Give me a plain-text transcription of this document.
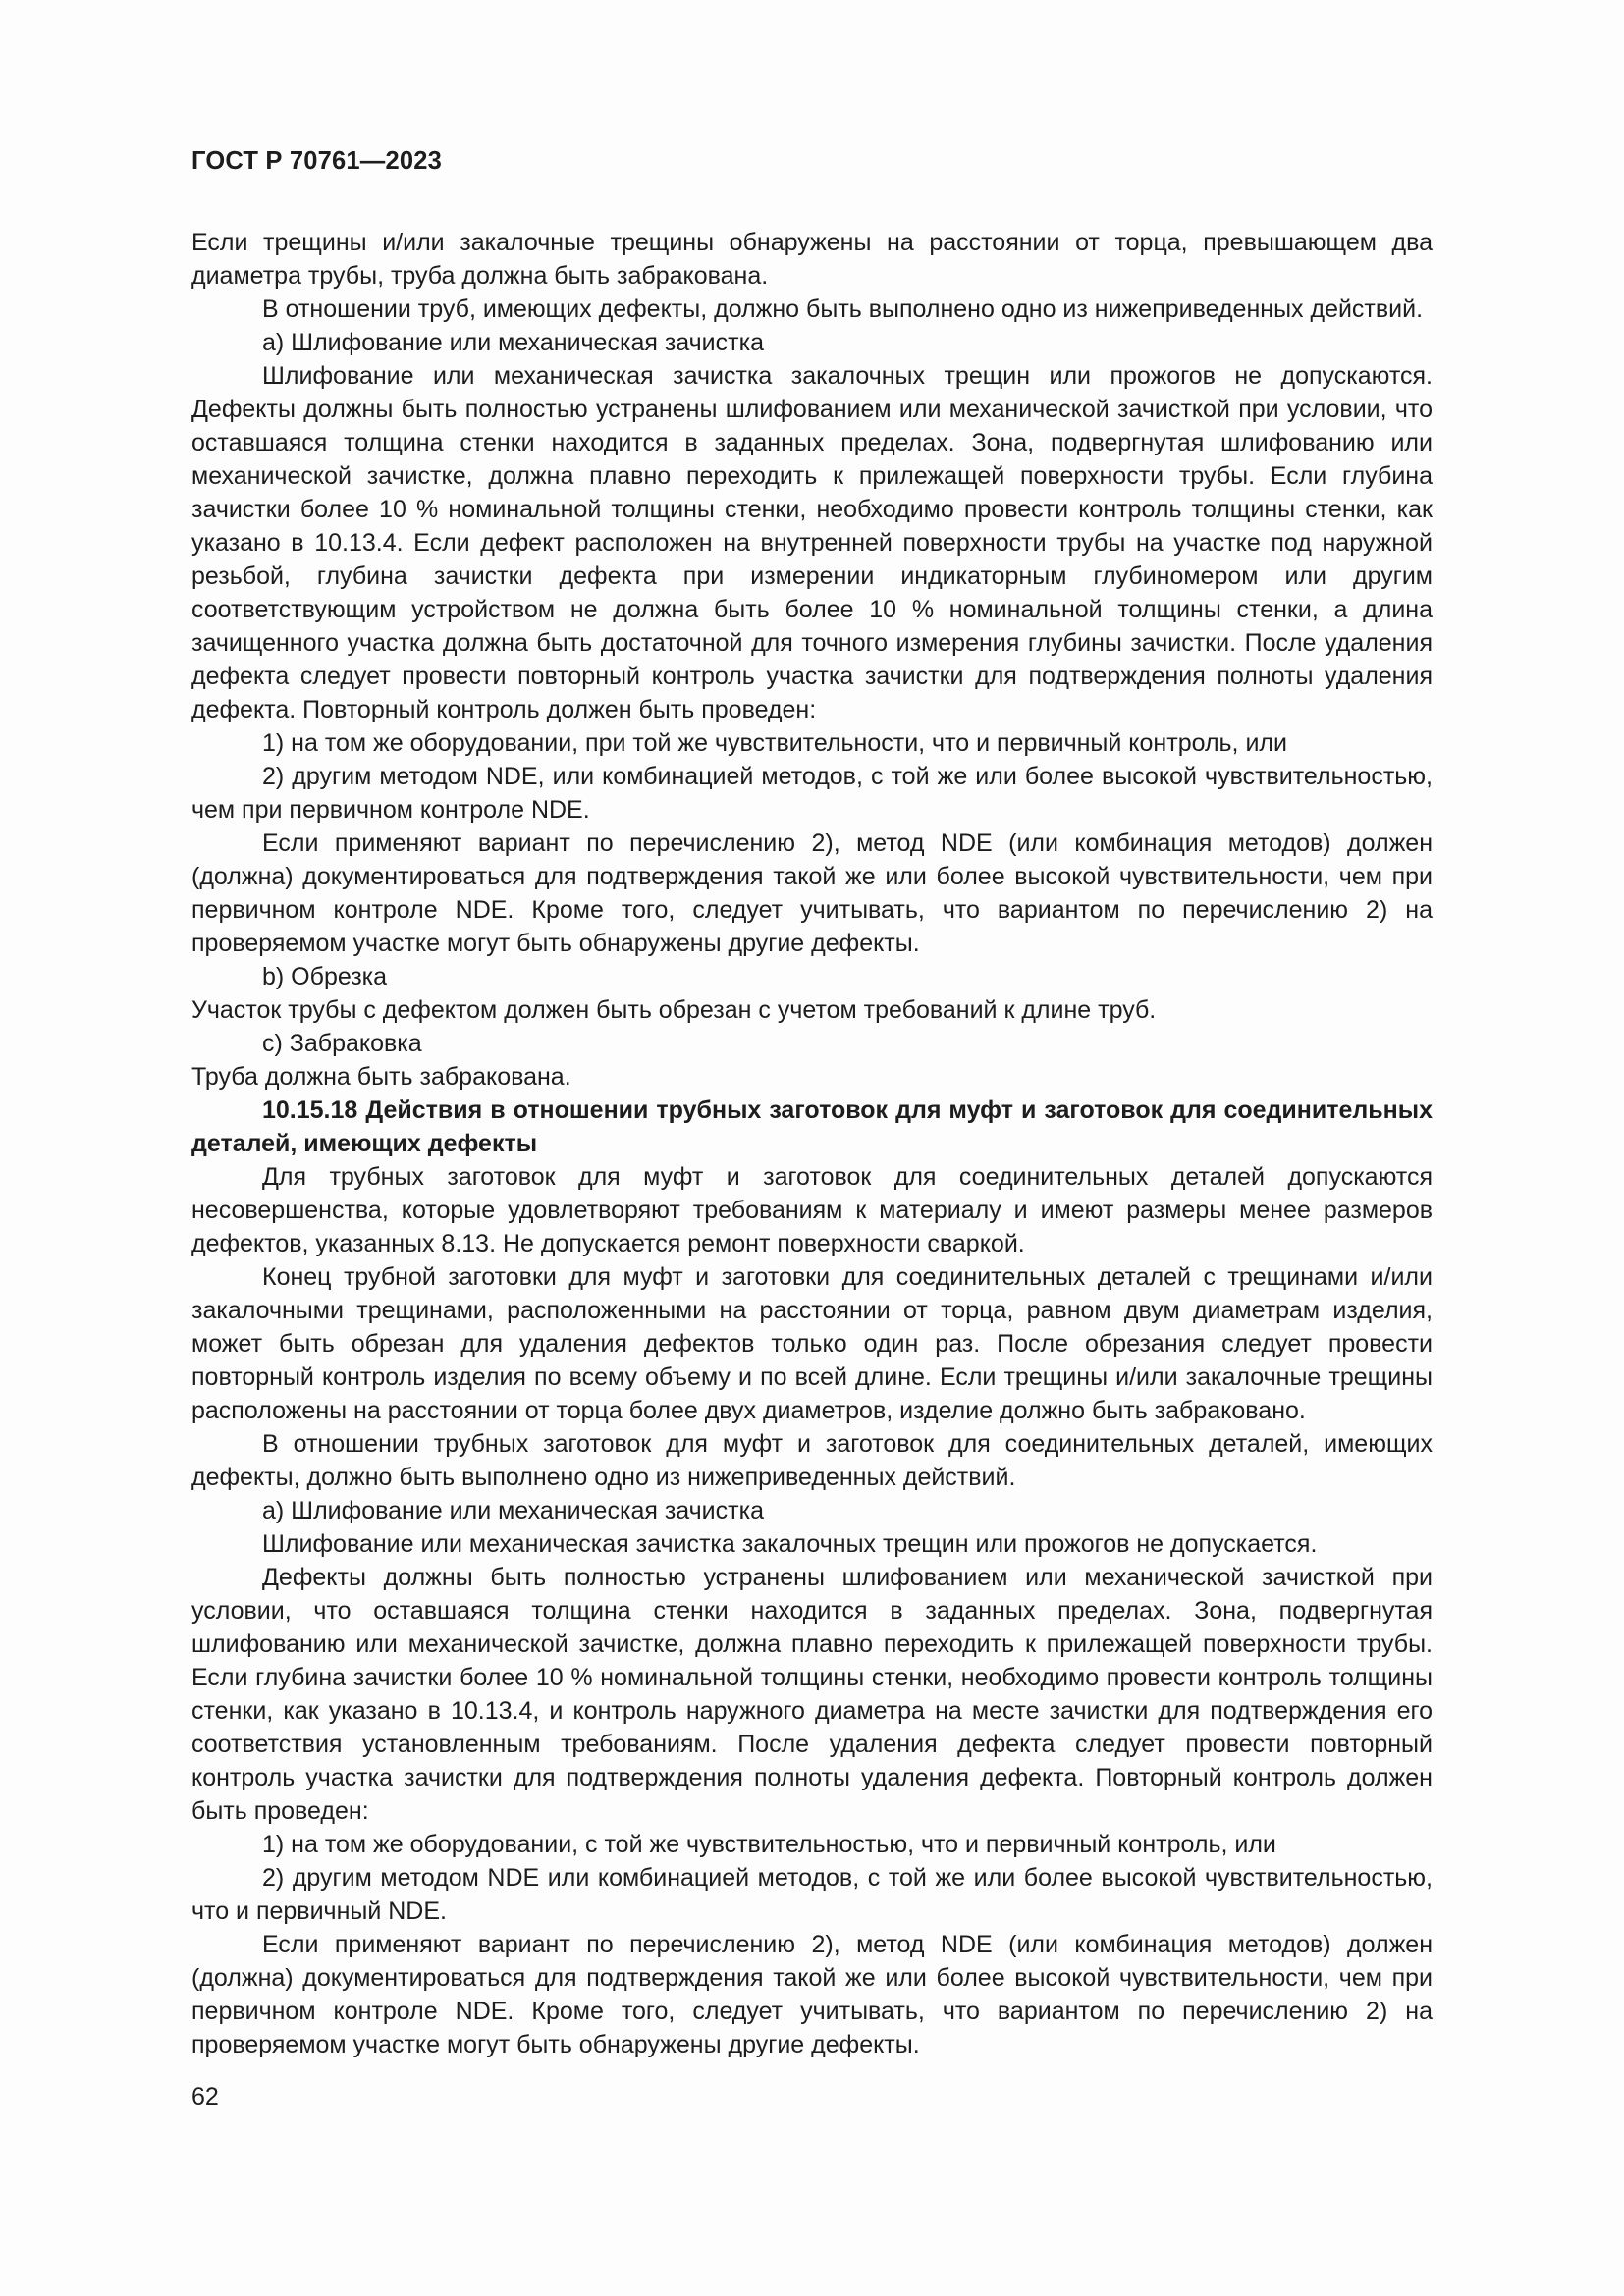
ГОСТ Р 70761—2023

Если трещины и/или закалочные трещины обнаружены на расстоянии от торца, превышающем два диаметра трубы, труба должна быть забракована.

В отношении труб, имеющих дефекты, должно быть выполнено одно из нижеприведенных действий.

a) Шлифование или механическая зачистка

Шлифование или механическая зачистка закалочных трещин или прожогов не допускаются. Дефекты должны быть полностью устранены шлифованием или механической зачисткой при условии, что оставшаяся толщина стенки находится в заданных пределах. Зона, подвергнутая шлифованию или механической зачистке, должна плавно переходить к прилежащей поверхности трубы. Если глубина зачистки более 10 % номинальной толщины стенки, необходимо провести контроль толщины стенки, как указано в 10.13.4. Если дефект расположен на внутренней поверхности трубы на участке под наружной резьбой, глубина зачистки дефекта при измерении индикаторным глубиномером или другим соответствующим устройством не должна быть более 10 % номинальной толщины стенки, а длина зачищенного участка должна быть достаточной для точного измерения глубины зачистки. После удаления дефекта следует провести повторный контроль участка зачистки для подтверждения полноты удаления дефекта. Повторный контроль должен быть проведен:

1) на том же оборудовании, при той же чувствительности, что и первичный контроль, или

2) другим методом NDE, или комбинацией методов, с той же или более высокой чувствительностью, чем при первичном контроле NDE.

Если применяют вариант по перечислению 2), метод NDE (или комбинация методов) должен (должна) документироваться для подтверждения такой же или более высокой чувствительности, чем при первичном контроле NDE. Кроме того, следует учитывать, что вариантом по перечислению 2) на проверяемом участке могут быть обнаружены другие дефекты.

b) Обрезка

Участок трубы с дефектом должен быть обрезан с учетом требований к длине труб.

c) Забраковка

Труба должна быть забракована.

10.15.18 Действия в отношении трубных заготовок для муфт и заготовок для соединительных деталей, имеющих дефекты

Для трубных заготовок для муфт и заготовок для соединительных деталей допускаются несовершенства, которые удовлетворяют требованиям к материалу и имеют размеры менее размеров дефектов, указанных 8.13. Не допускается ремонт поверхности сваркой.

Конец трубной заготовки для муфт и заготовки для соединительных деталей с трещинами и/или закалочными трещинами, расположенными на расстоянии от торца, равном двум диаметрам изделия, может быть обрезан для удаления дефектов только один раз. После обрезания следует провести повторный контроль изделия по всему объему и по всей длине. Если трещины и/или закалочные трещины расположены на расстоянии от торца более двух диаметров, изделие должно быть забраковано.

В отношении трубных заготовок для муфт и заготовок для соединительных деталей, имеющих дефекты, должно быть выполнено одно из нижеприведенных действий.

a) Шлифование или механическая зачистка

Шлифование или механическая зачистка закалочных трещин или прожогов не допускается.

Дефекты должны быть полностью устранены шлифованием или механической зачисткой при условии, что оставшаяся толщина стенки находится в заданных пределах. Зона, подвергнутая шлифованию или механической зачистке, должна плавно переходить к прилежащей поверхности трубы. Если глубина зачистки более 10 % номинальной толщины стенки, необходимо провести контроль толщины стенки, как указано в 10.13.4, и контроль наружного диаметра на месте зачистки для подтверждения его соответствия установленным требованиям. После удаления дефекта следует провести повторный контроль участка зачистки для подтверждения полноты удаления дефекта. Повторный контроль должен быть проведен:

1) на том же оборудовании, с той же чувствительностью, что и первичный контроль, или

2) другим методом NDE или комбинацией методов, с той же или более высокой чувствительностью, что и первичный NDE.

Если применяют вариант по перечислению 2), метод NDE (или комбинация методов) должен (должна) документироваться для подтверждения такой же или более высокой чувствительности, чем при первичном контроле NDE. Кроме того, следует учитывать, что вариантом по перечислению 2) на проверяемом участке могут быть обнаружены другие дефекты.

62
